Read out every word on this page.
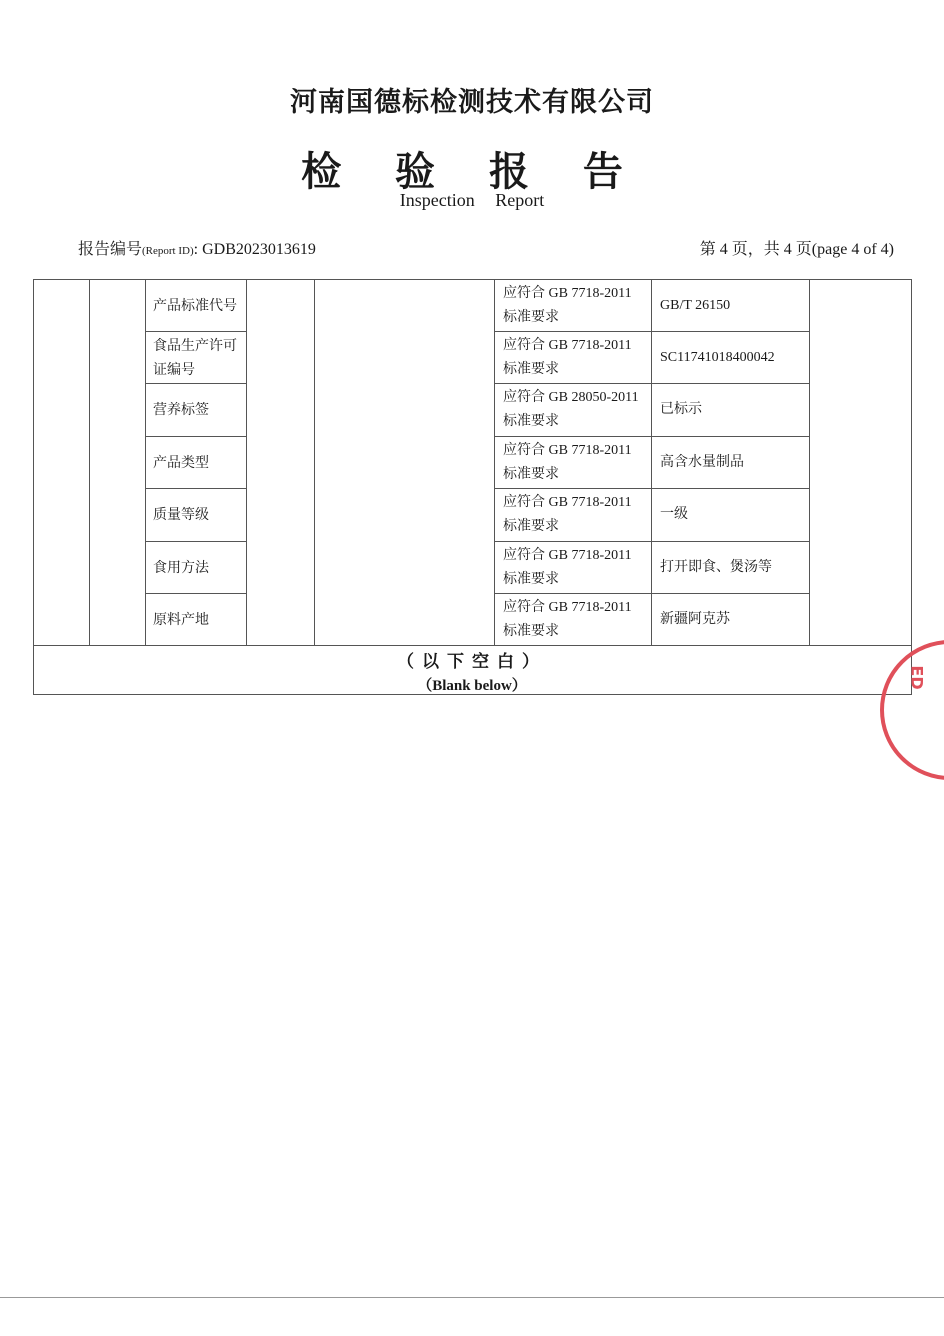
河南国德标检测技术有限公司
检 验 报 告
Inspection Report
报告编号(Report ID): GDB2023013619	第 4 页，共 4 页(page 4 of 4)
产品标准代号
应符合 GB 7718-2011 标准要求
GB/T 26150
食品生产许可证编号
应符合 GB 7718-2011 标准要求
SC11741018400042
营养标签
应符合 GB 28050-2011 标准要求
已标示
产品类型
应符合 GB 7718-2011 标准要求
高含水量制品
质量等级
应符合 GB 7718-2011 标准要求
一级
食用方法
应符合 GB 7718-2011 标准要求
打开即食、煲汤等
原料产地
应符合 GB 7718-2011 标准要求
新疆阿克苏
（以下空白）
（Blank below）	ED
